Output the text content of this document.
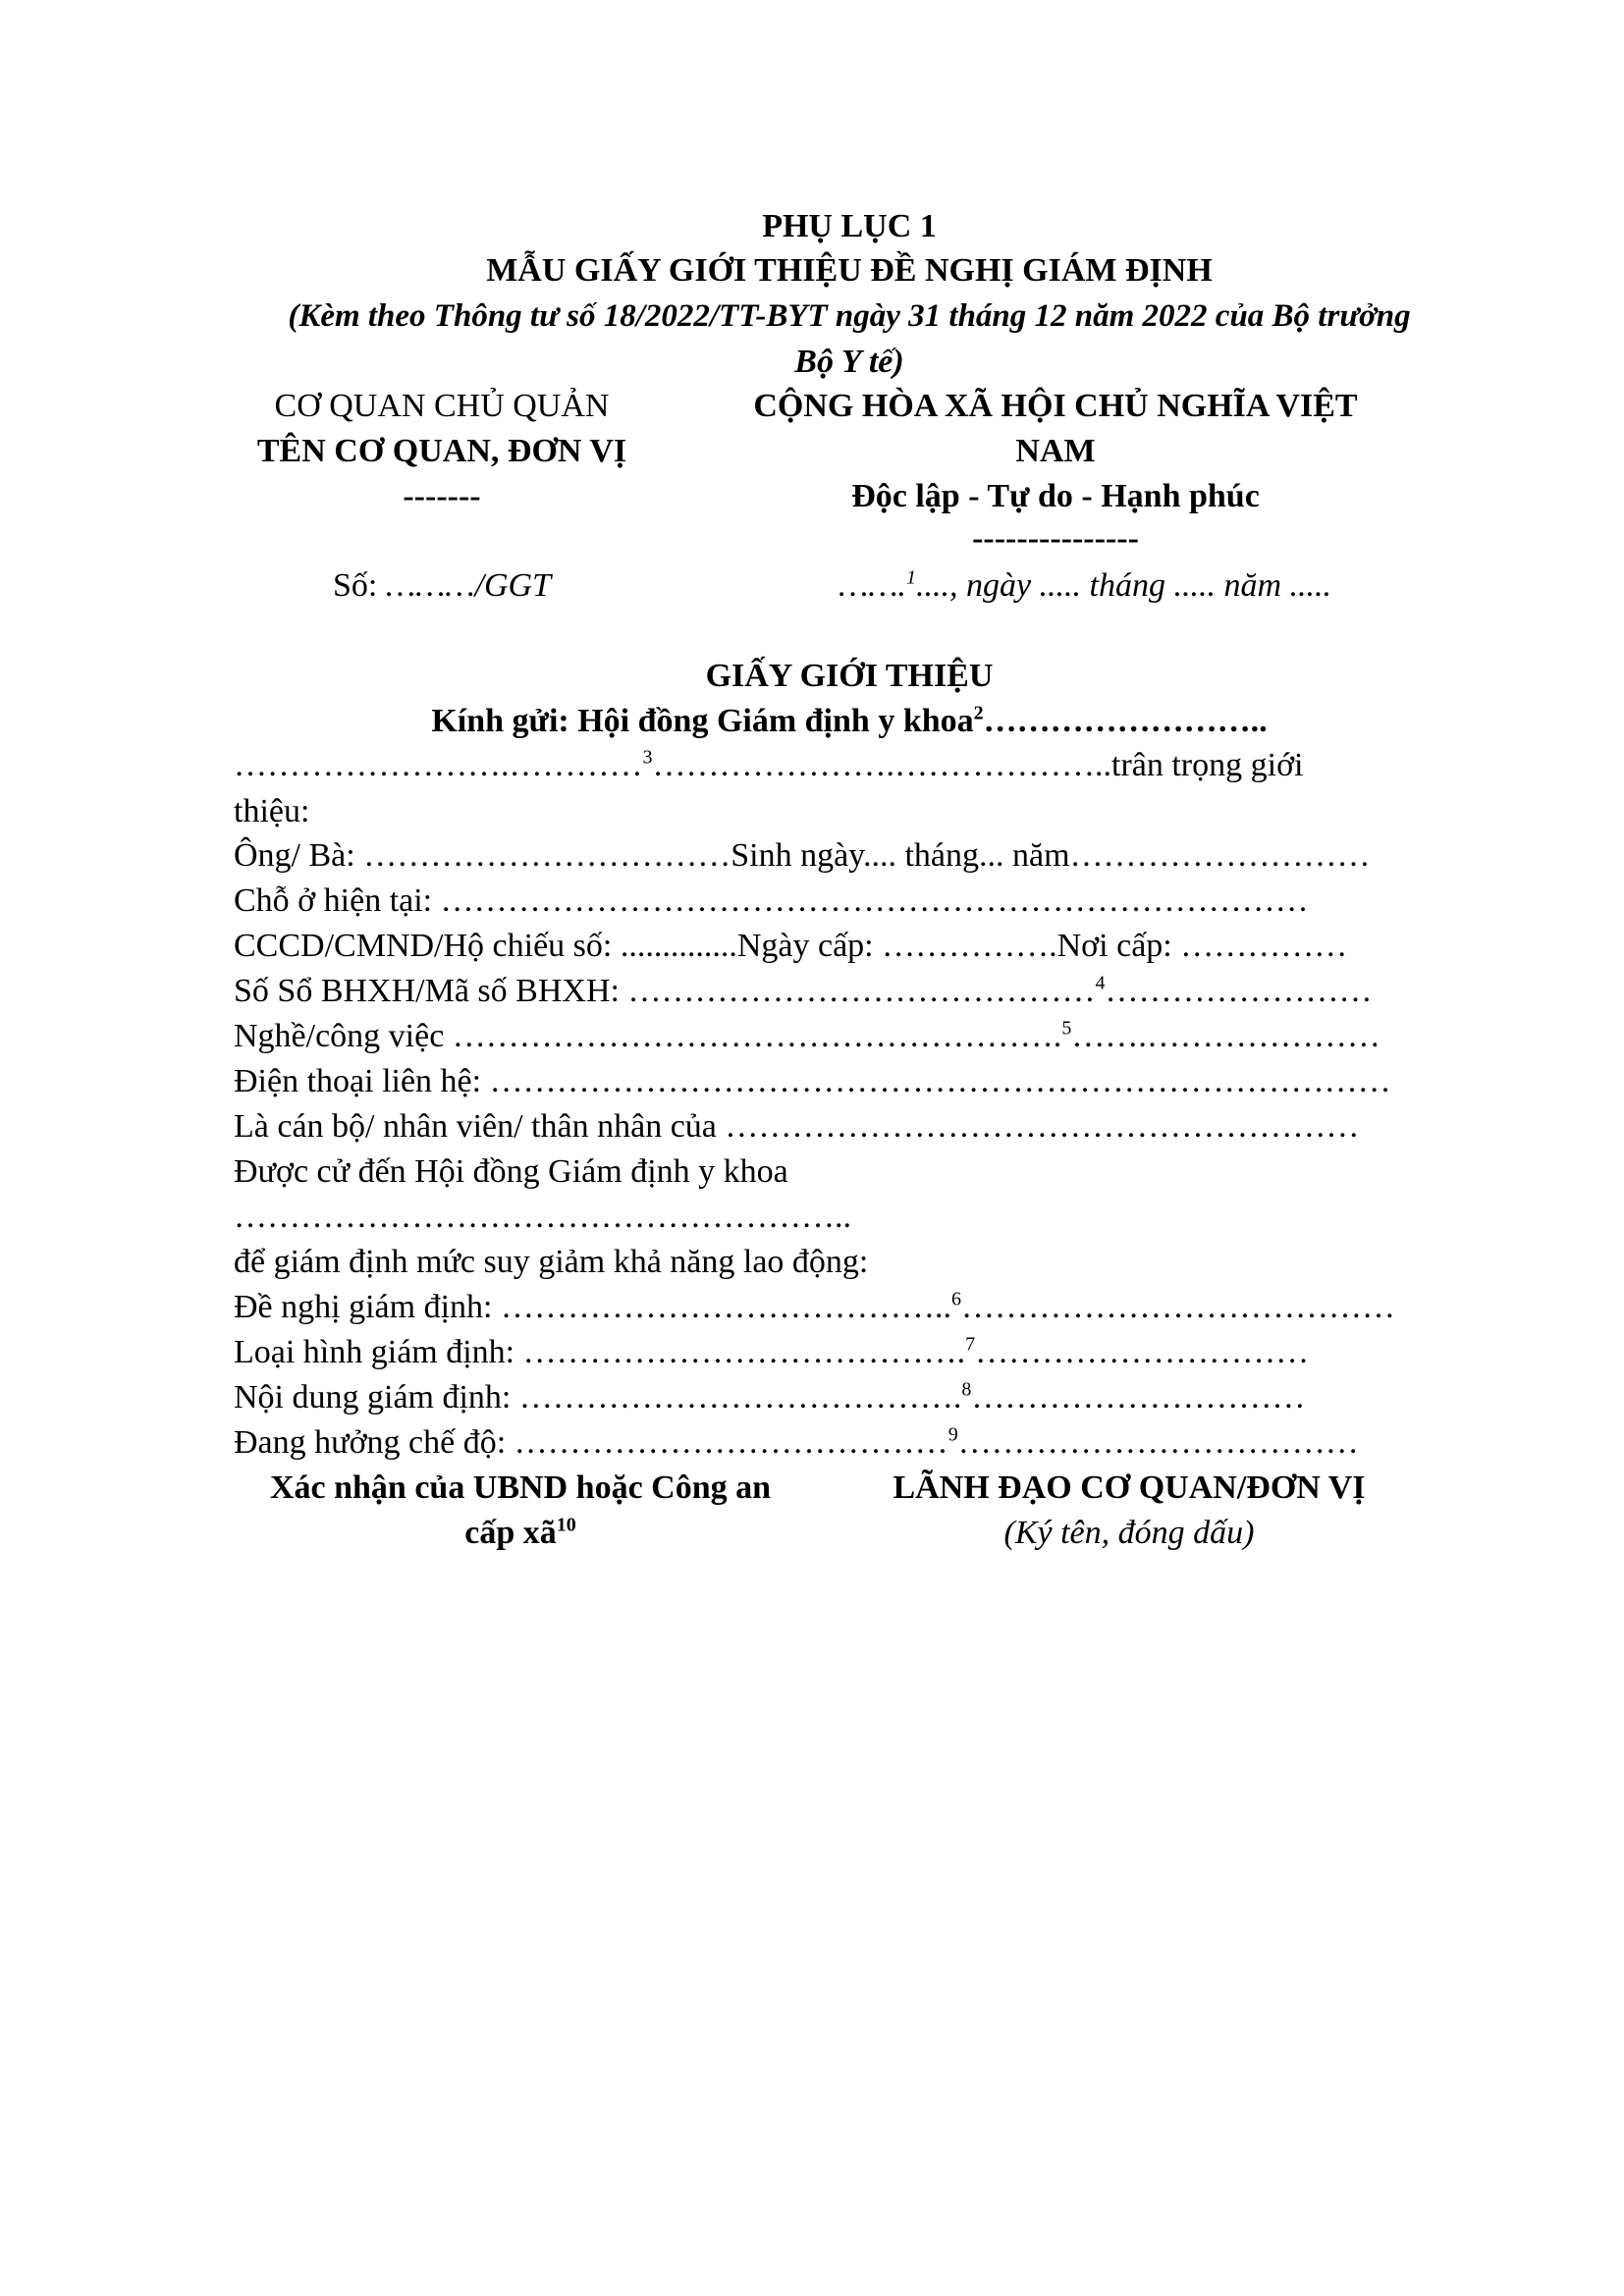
PHỤ LỤC 1
MẪU GIẤY GIỚI THIỆU ĐỀ NGHỊ GIÁM ĐỊNH
(Kèm theo Thông tư số 18/2022/TT-BYT ngày 31 tháng 12 năm 2022 của Bộ trưởng
Bộ Y tế)
CƠ QUAN CHỦ QUẢN
TÊN CƠ QUAN, ĐƠN VỊ
-------
Số: ………/GGT
CỘNG HÒA XÃ HỘI CHỦ NGHĨA VIỆT
NAM
Độc lập - Tự do - Hạnh phúc
---------------
…….$^1$...., ngày ..... tháng ..... năm .....
GIẤY GIỚI THIỆU
Kính gửi: Hội đồng Giám định y khoa$^2$……………………..
…………………….…………$^3$………………….………………..trân trọng giới
thiệu:
Ông/ Bà: ……………………………Sinh ngày.... tháng... năm………………………
Chỗ ở hiện tại: ……………………………………………………………………
CCCD/CMND/Hộ chiếu số: ..............Ngày cấp: …………….Nơi cấp: ……………
Số Sổ BHXH/Mã số BHXH: ……………………………………$^4$……………………
Nghề/công việc ……………………………………………….$^5$…….…………………
Điện thoại liên hệ: ………………………………………………………………………
Là cán bộ/ nhân viên/ thân nhân của …………………………………………………
Được cử đến Hội đồng Giám định y khoa
………………………………………………..
để giám định mức suy giảm khả năng lao động:
Đề nghị giám định: …………………………………..$^6$…………………………………
Loại hình giám định: ………………………………….$^7$…………………………
Nội dung giám định: ………………………………….$^8$…………………………
Đang hưởng chế độ: …………………………………$^9$………………………………
Xác nhận của UBND hoặc Công an
cấp $xã^{10}$
LÃNH ĐẠO CƠ QUAN/ĐƠN VỊ
(Ký tên, đóng dấu)
